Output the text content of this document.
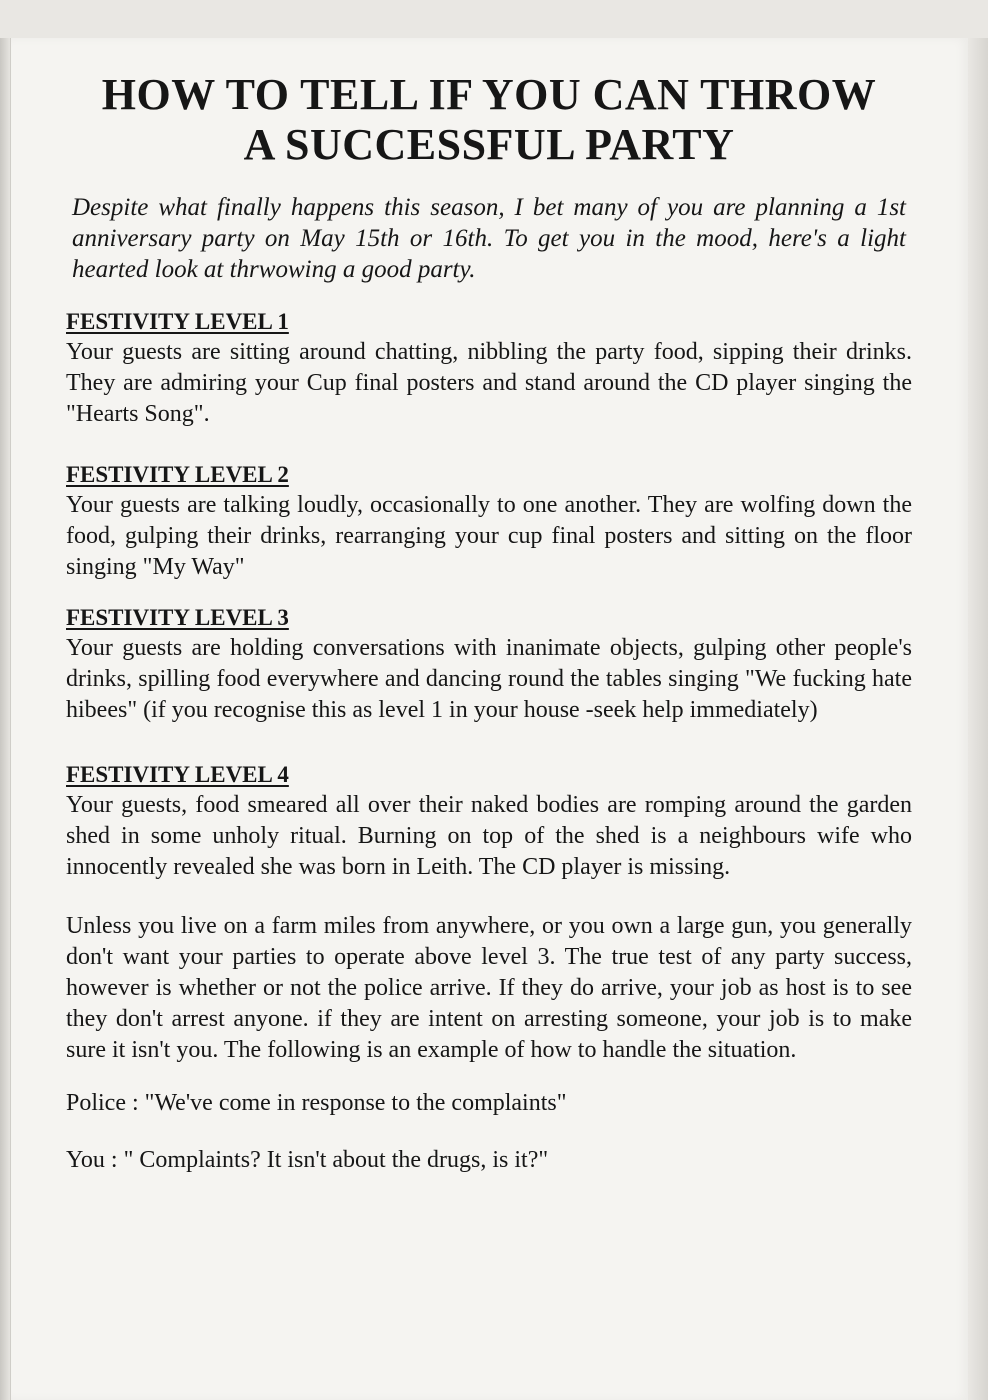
HOW TO TELL IF YOU CAN THROW
A SUCCESSFUL PARTY

Despite what finally happens this season, I bet many of you are planning a 1st anniversary party on May 15th or 16th. To get you in the mood, here's a light hearted look at thrwowing a good party.

FESTIVITY LEVEL 1

Your guests are sitting around chatting, nibbling the party food, sipping their drinks. They are admiring your Cup final posters and stand around the CD player singing the "Hearts Song".

FESTIVITY LEVEL 2

Your guests are talking loudly, occasionally to one another. They are wolfing down the food, gulping their drinks, rearranging your cup final posters and sitting on the floor singing "My Way"

FESTIVITY LEVEL 3

Your guests are holding conversations with inanimate objects, gulping other people's drinks, spilling food everywhere and dancing round the tables singing "We fucking hate hibees" (if you recognise this as level 1 in your house -seek help immediately)

FESTIVITY LEVEL 4

Your guests, food smeared all over their naked bodies are romping around the garden shed in some unholy ritual. Burning on top of the shed is a neighbours wife who innocently revealed she was born in Leith. The CD player is missing.

Unless you live on a farm miles from anywhere, or you own a large gun, you generally don't want your parties to operate above level 3. The true test of any party success, however is whether or not the police arrive. If they do arrive, your job as host is to see they don't arrest anyone. if they are intent on arresting someone, your job is to make sure it isn't you. The following is an example of how to handle the situation.

Police : "We've come in response to the complaints"

You : " Complaints? It isn't about the drugs, is it?"
